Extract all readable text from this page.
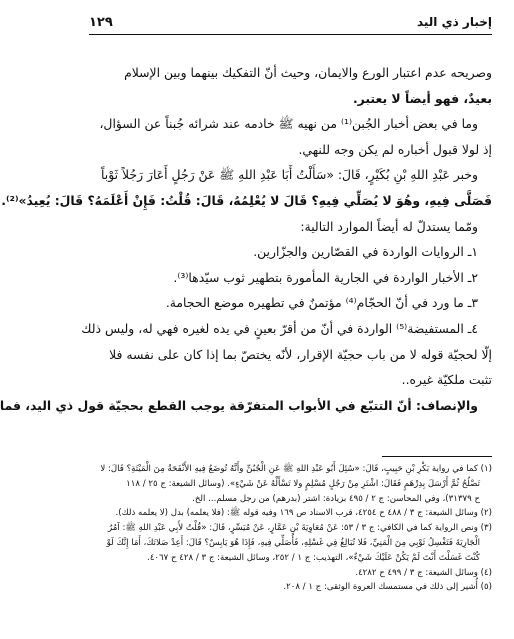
إخبار ذي اليد
١٢٩
وصريحه عدم اعتبار الورع والايمان، وحيث أنّ التفكيك بينهما وبين الإسلام
بعيدٌ، فهو أيضاً لا يعتبر.
وما في بعض أخبار الجُبن⁽¹⁾ من نهيه ﷺ خادمه عند شرائه جُبناً عن السؤال،
إذ لولا قبول أخباره لم يكن وجه للنهي.
وخبر عَبْدِ اللهِ بْنِ بُكَيْرٍ، قَالَ: «سَأَلْتُ أَبَا عَبْدِ اللهِ ﷺ عَنْ رَجُلٍ أَعَارَ رَجُلاً ثَوْباً
فَصَلَّى فِيهِ، وهُوَ لا يُصَلِّي فِيهِ؟ قَالَ لا يُعْلِمُهُ، قَالَ: قُلْتُ: فَإِنْ أَعْلَمَهُ؟ قَالَ: يُعِيدُ»⁽²⁾.
ومّما يستدلّ له أيضاً الموارد التالية:
١ـ الروايات الواردة في القصّارين والجزّارين.
٢ـ الأخبار الواردة في الجارية المأمورة بتطهير ثوب سيّدها⁽³⁾.
٣ـ ما ورد في أنّ الحجّام⁽⁴⁾ مؤتمنٌ في تطهيره موضع الحجامة.
٤ـ المستفيضة⁽⁵⁾ الواردة في أنّ من أقرّ بعينٍ في يده لغيره فهي له، وليس ذلك
إلّا لحجيّة قوله لا من باب حجيّة الإقرار، لأنّه يختصّ بما إذا كان على نفسه فلا
تثبت ملكيّة غيره..
والإنصاف: أنّ التتبّع في الأبواب المتفرّقة يوجب القطع بحجيّة قول ذي اليد، فما
(١) كما في رواية بَكْرِ بْنِ حَبِيبٍ، قَالَ: «سُئِلَ أَبُو عَبْدِ اللهِ ﷺ عَنِ الْجُبُنِّ وأَنَّهُ تُوضَعُ فِيهِ الأَنْفَحَةُ مِنَ الْمَيْتَةِ؟ قَالَ: لا
تَصْلُحُ ثُمَّ أَرْسَلَ بِدِرْهَمٍ فَقَالَ: اشْتَرِ مِنْ رَجُلٍ مُسْلِمٍ ولا تَسْأَلْهُ عَنْ شَيْءٍ». (وسائل الشيعة: ج ٢٥ / ١١٨
ح ٣١٣٧٩)، وفي المحاسن: ج ٢ / ٤٩٥ بزيادة: اشتر (بدرهم) من رجل مسلم... الخ.
(٢) وسائل الشيعة: ج ٣ / ٤٨٨ ح ٤٢٥٤، قرب الاسناد ص ١٦٩ وفيه قوله ﷺ: (فلا يعلمه) بدل (لا يعلمه ذلك).
(٣) ونص الرواية كما في الكافي: ج ٣ / ٥٣: عَنْ مُعَاوِيَةَ بْنِ عَمَّارٍ، عَنْ مُيَسِّرٍ، قَالَ: «قُلْتُ لأَبِي عَبْدِ اللهِ ﷺ: آمُرُ
الْجَارِيَةَ فَتَغْسِلُ ثَوْبِي مِنَ الْمَنِيِّ، فَلا تُبَالِغُ فِي غَسْلِهِ، فَأُصَلِّي فِيهِ، فَإِذَا هُوَ يَابِسٌ؟ قَالَ: أَعِدْ صَلاتَكَ، أَمَا إِنَّكَ لَوْ
كُنْتَ غَسَلْتَ أَنْتَ لَمْ يَكُنْ عَلَيْكَ شَيْءٌ»، التهذيب: ج ١ / ٢٥٢، وسائل الشيعة: ج ٣ / ٤٢٨ ح ٤٠٦٧.
(٤) وسائل الشيعة: ج ٣ / ٤٩٩ ح ٤٢٨٢.
(٥) أُشير إلى ذلك في مستمسك العروة الوثقى: ج ١ / ٢٠٨.
